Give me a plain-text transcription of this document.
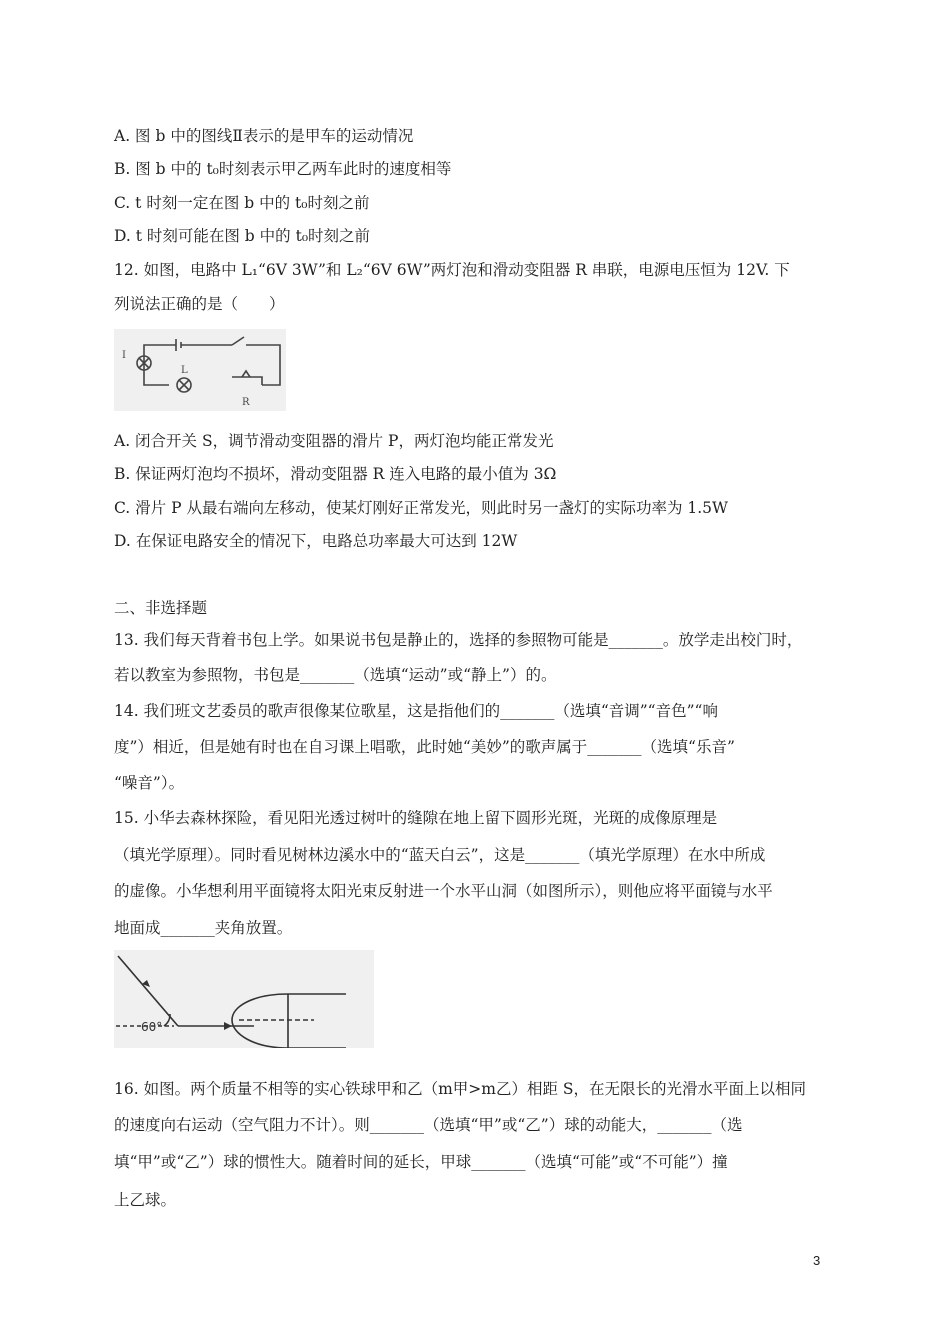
A. 图 b 中的图线Ⅱ表示的是甲车的运动情况
B. 图 b 中的 t₀时刻表示甲乙两车此时的速度相等
C. t 时刻一定在图 b 中的 t₀时刻之前
D. t 时刻可能在图 b 中的 t₀时刻之前
12. 如图，电路中 L₁“6V 3W”和 L₂“6V 6W”两灯泡和滑动变阻器 R 串联，电源电压恒为 12V. 下
列说法正确的是（　　）
I
L
R
A. 闭合开关 S，调节滑动变阻器的滑片 P，两灯泡均能正常发光
B. 保证两灯泡均不损坏，滑动变阻器 R 连入电路的最小值为 3Ω
C. 滑片 P 从最右端向左移动，使某灯刚好正常发光，则此时另一盏灯的实际功率为 1.5W
D. 在保证电路安全的情况下，电路总功率最大可达到 12W
二、非选择题
13. 我们每天背着书包上学。如果说书包是静止的，选择的参照物可能是_______。放学走出校门时，
若以教室为参照物，书包是_______（选填“运动”或“静上”）的。
14. 我们班文艺委员的歌声很像某位歌星，这是指他们的_______（选填“音调”“音色”“响
度”）相近，但是她有时也在自习课上唱歌，此时她“美妙”的歌声属于_______（选填“乐音”
“噪音”）。
15. 小华去森林探险，看见阳光透过树叶的缝隙在地上留下圆形光斑，光斑的成像原理是
（填光学原理）。同时看见树林边溪水中的“蓝天白云”，这是_______（填光学原理）在水中所成
的虚像。小华想利用平面镜将太阳光束反射进一个水平山洞（如图所示），则他应将平面镜与水平
地面成_______夹角放置。
60°
16. 如图。两个质量不相等的实心铁球甲和乙（m甲>m乙）相距 S，在无限长的光滑水平面上以相同
的速度向右运动（空气阻力不计）。则_______（选填“甲”或“乙”）球的动能大，_______（选
填“甲”或“乙”）球的惯性大。随着时间的延长，甲球_______（选填“可能”或“不可能”）撞
上乙球。
3
